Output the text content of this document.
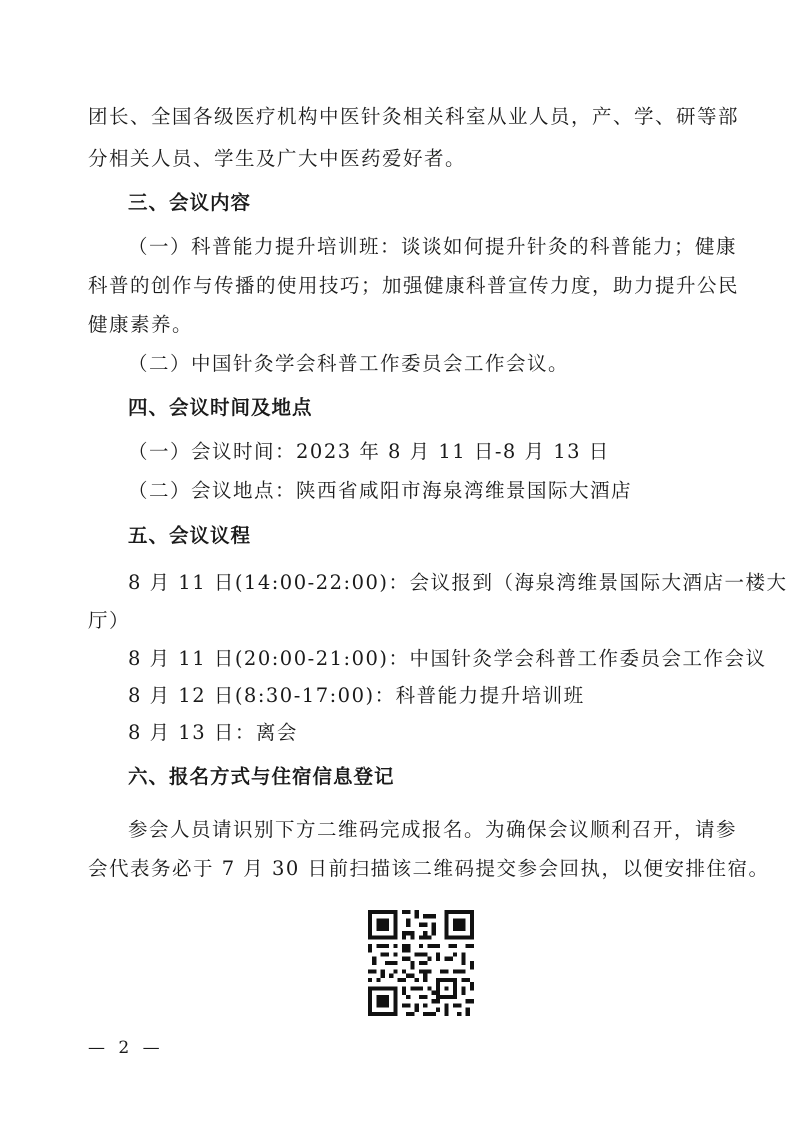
团长、全国各级医疗机构中医针灸相关科室从业人员，产、学、研等部
分相关人员、学生及广大中医药爱好者。
三、会议内容
（一）科普能力提升培训班：谈谈如何提升针灸的科普能力；健康
科普的创作与传播的使用技巧；加强健康科普宣传力度，助力提升公民
健康素养。
（二）中国针灸学会科普工作委员会工作会议。
四、会议时间及地点
（一）会议时间：2023 年 8 月 11 日-8 月 13 日
（二）会议地点：陕西省咸阳市海泉湾维景国际大酒店
五、会议议程
8 月 11 日(14:00-22:00)：会议报到（海泉湾维景国际大酒店一楼大
厅）
8 月 11 日(20:00-21:00)：中国针灸学会科普工作委员会工作会议
8 月 12 日(8:30-17:00)：科普能力提升培训班
8 月 13 日：离会
六、报名方式与住宿信息登记
参会人员请识别下方二维码完成报名。为确保会议顺利召开，请参
会代表务必于 7 月 30 日前扫描该二维码提交参会回执，以便安排住宿。
— 2 —
